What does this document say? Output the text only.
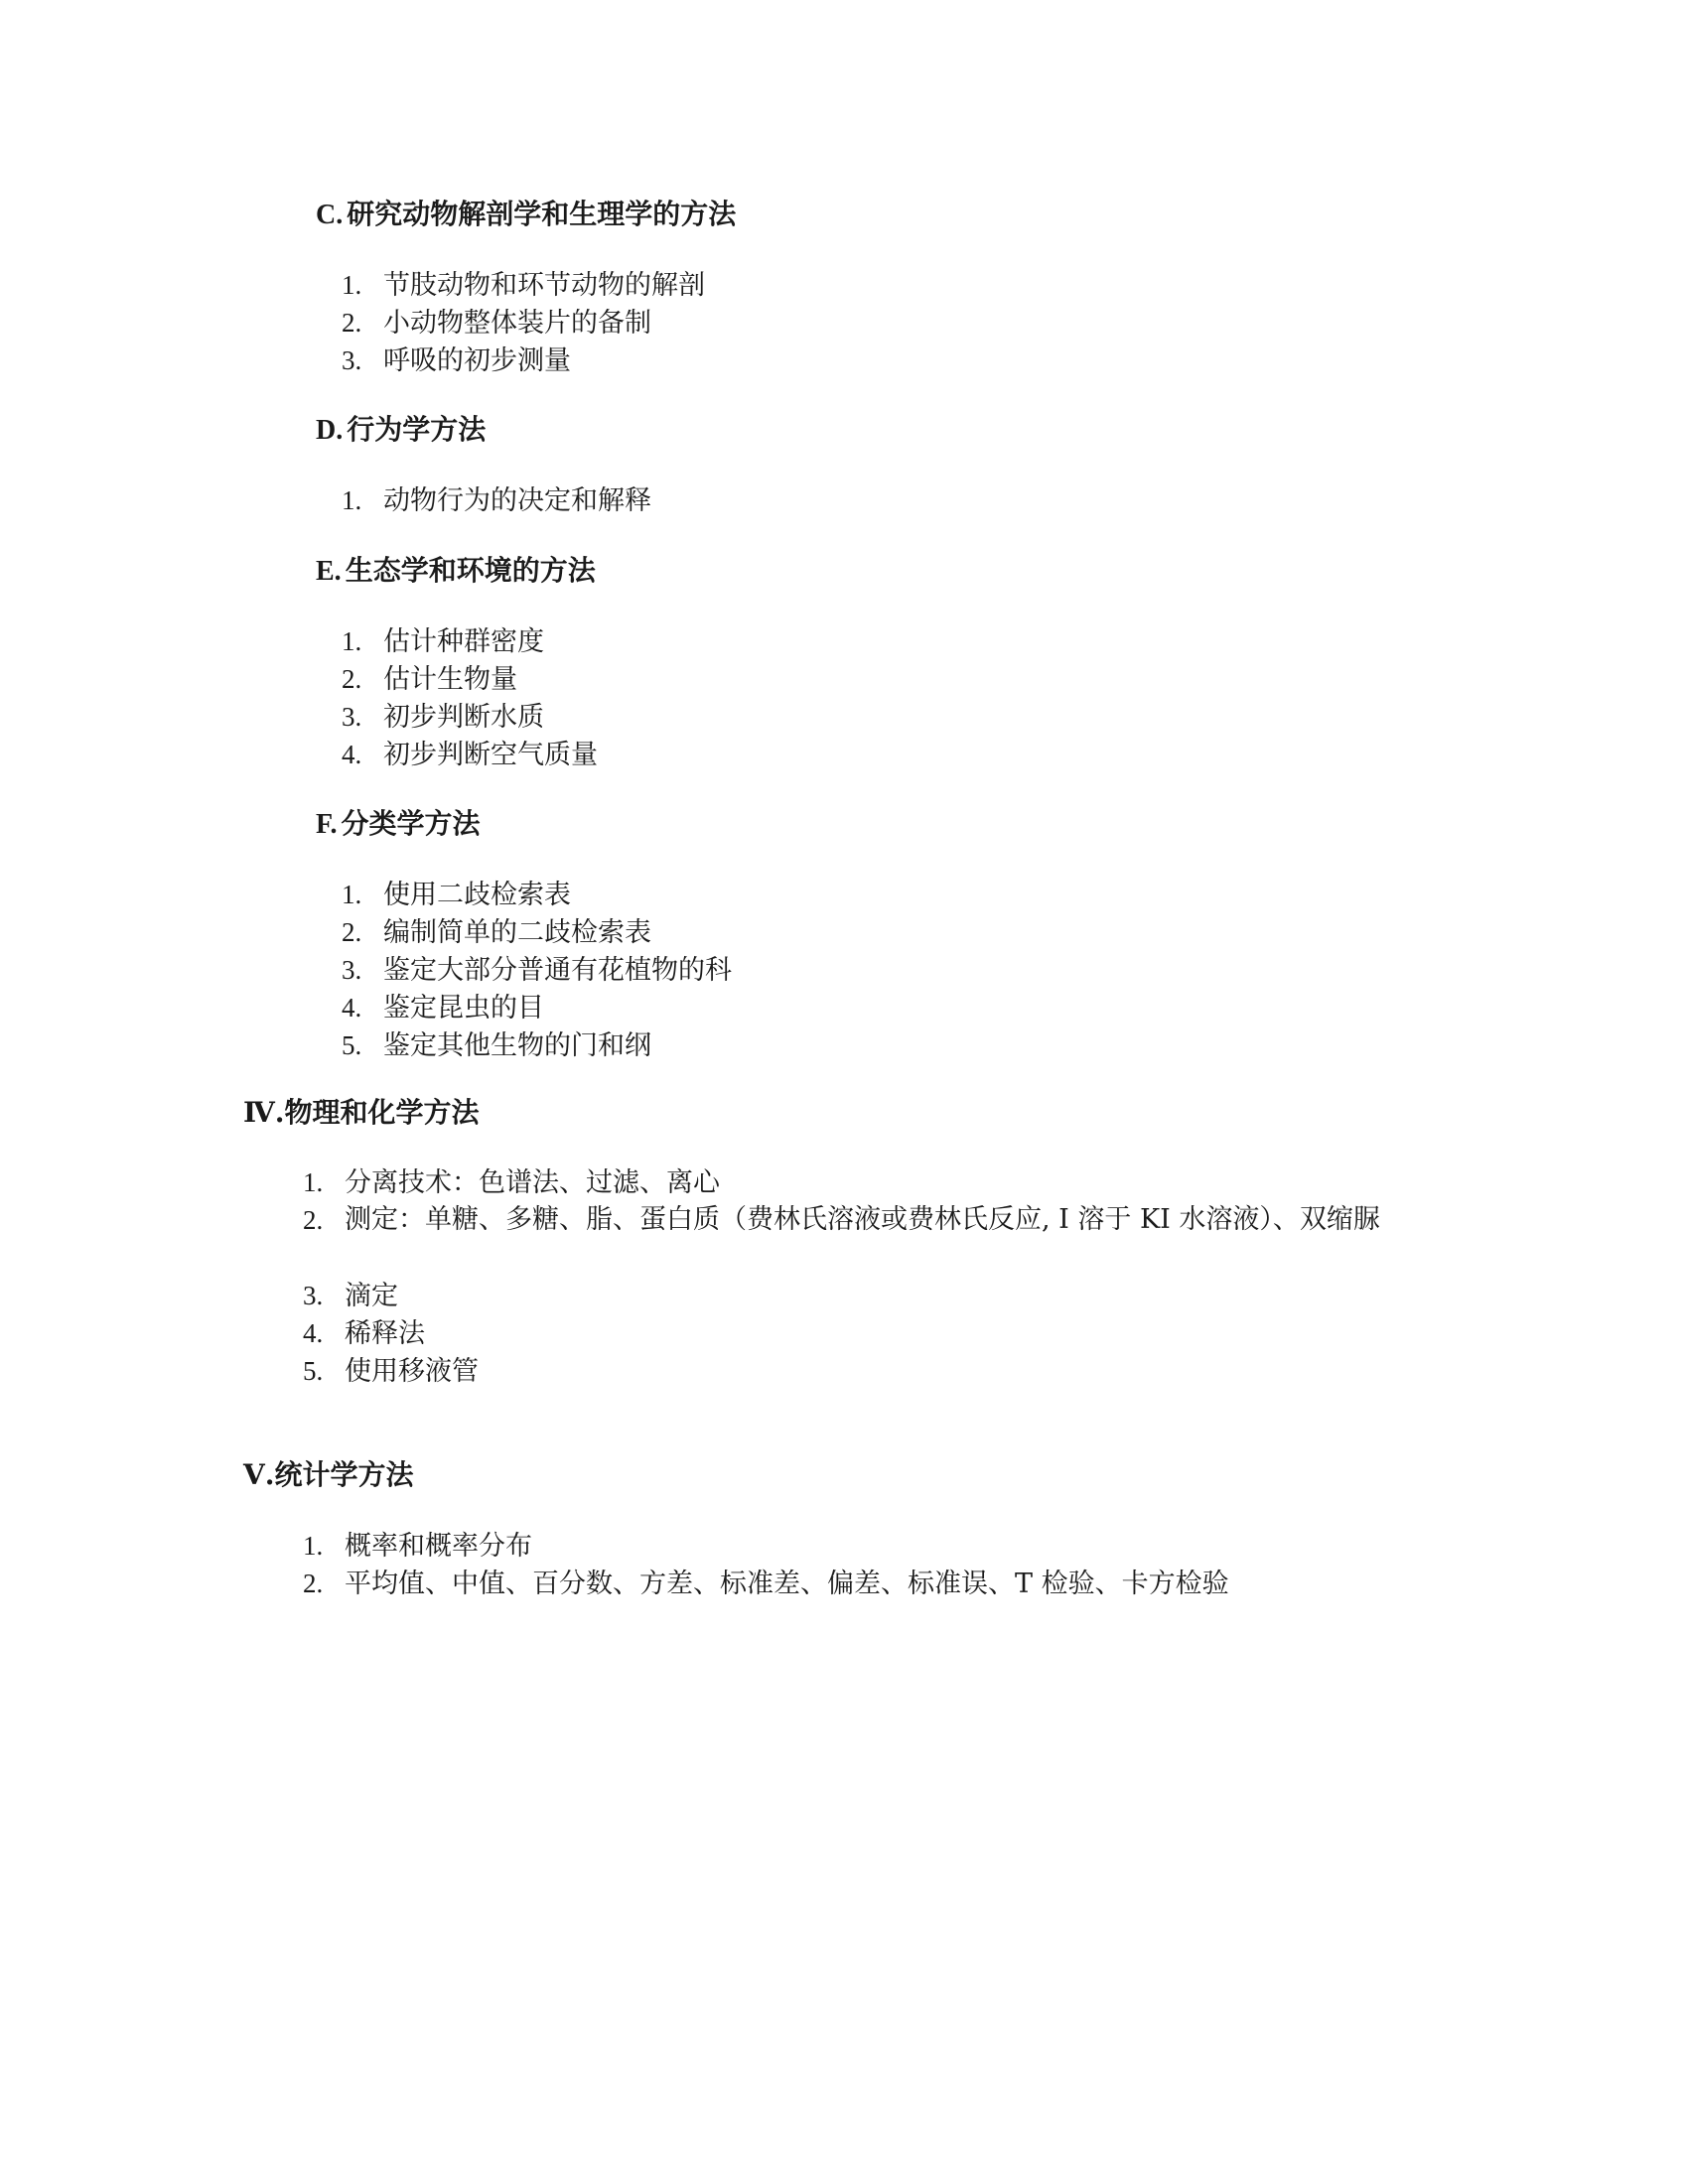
C. 研究动物解剖学和生理学的方法
1. 节肢动物和环节动物的解剖
2. 小动物整体装片的备制
3. 呼吸的初步测量
D. 行为学方法
1. 动物行为的决定和解释
E. 生态学和环境的方法
1. 估计种群密度
2. 估计生物量
3. 初步判断水质
4. 初步判断空气质量
F. 分类学方法
1. 使用二歧检索表
2. 编制简单的二歧检索表
3. 鉴定大部分普通有花植物的科
4. 鉴定昆虫的目
5. 鉴定其他生物的门和纲
Ⅳ.物理和化学方法
1. 分离技术：色谱法、过滤、离心
2. 测定：单糖、多糖、脂、蛋白质（费林氏溶液或费林氏反应, I 溶于 KI 水溶液）、双缩脲
3. 滴定
4. 稀释法
5. 使用移液管
Ⅴ.统计学方法
1. 概率和概率分布
2. 平均值、中值、百分数、方差、标准差、偏差、标准误、T 检验、卡方检验
